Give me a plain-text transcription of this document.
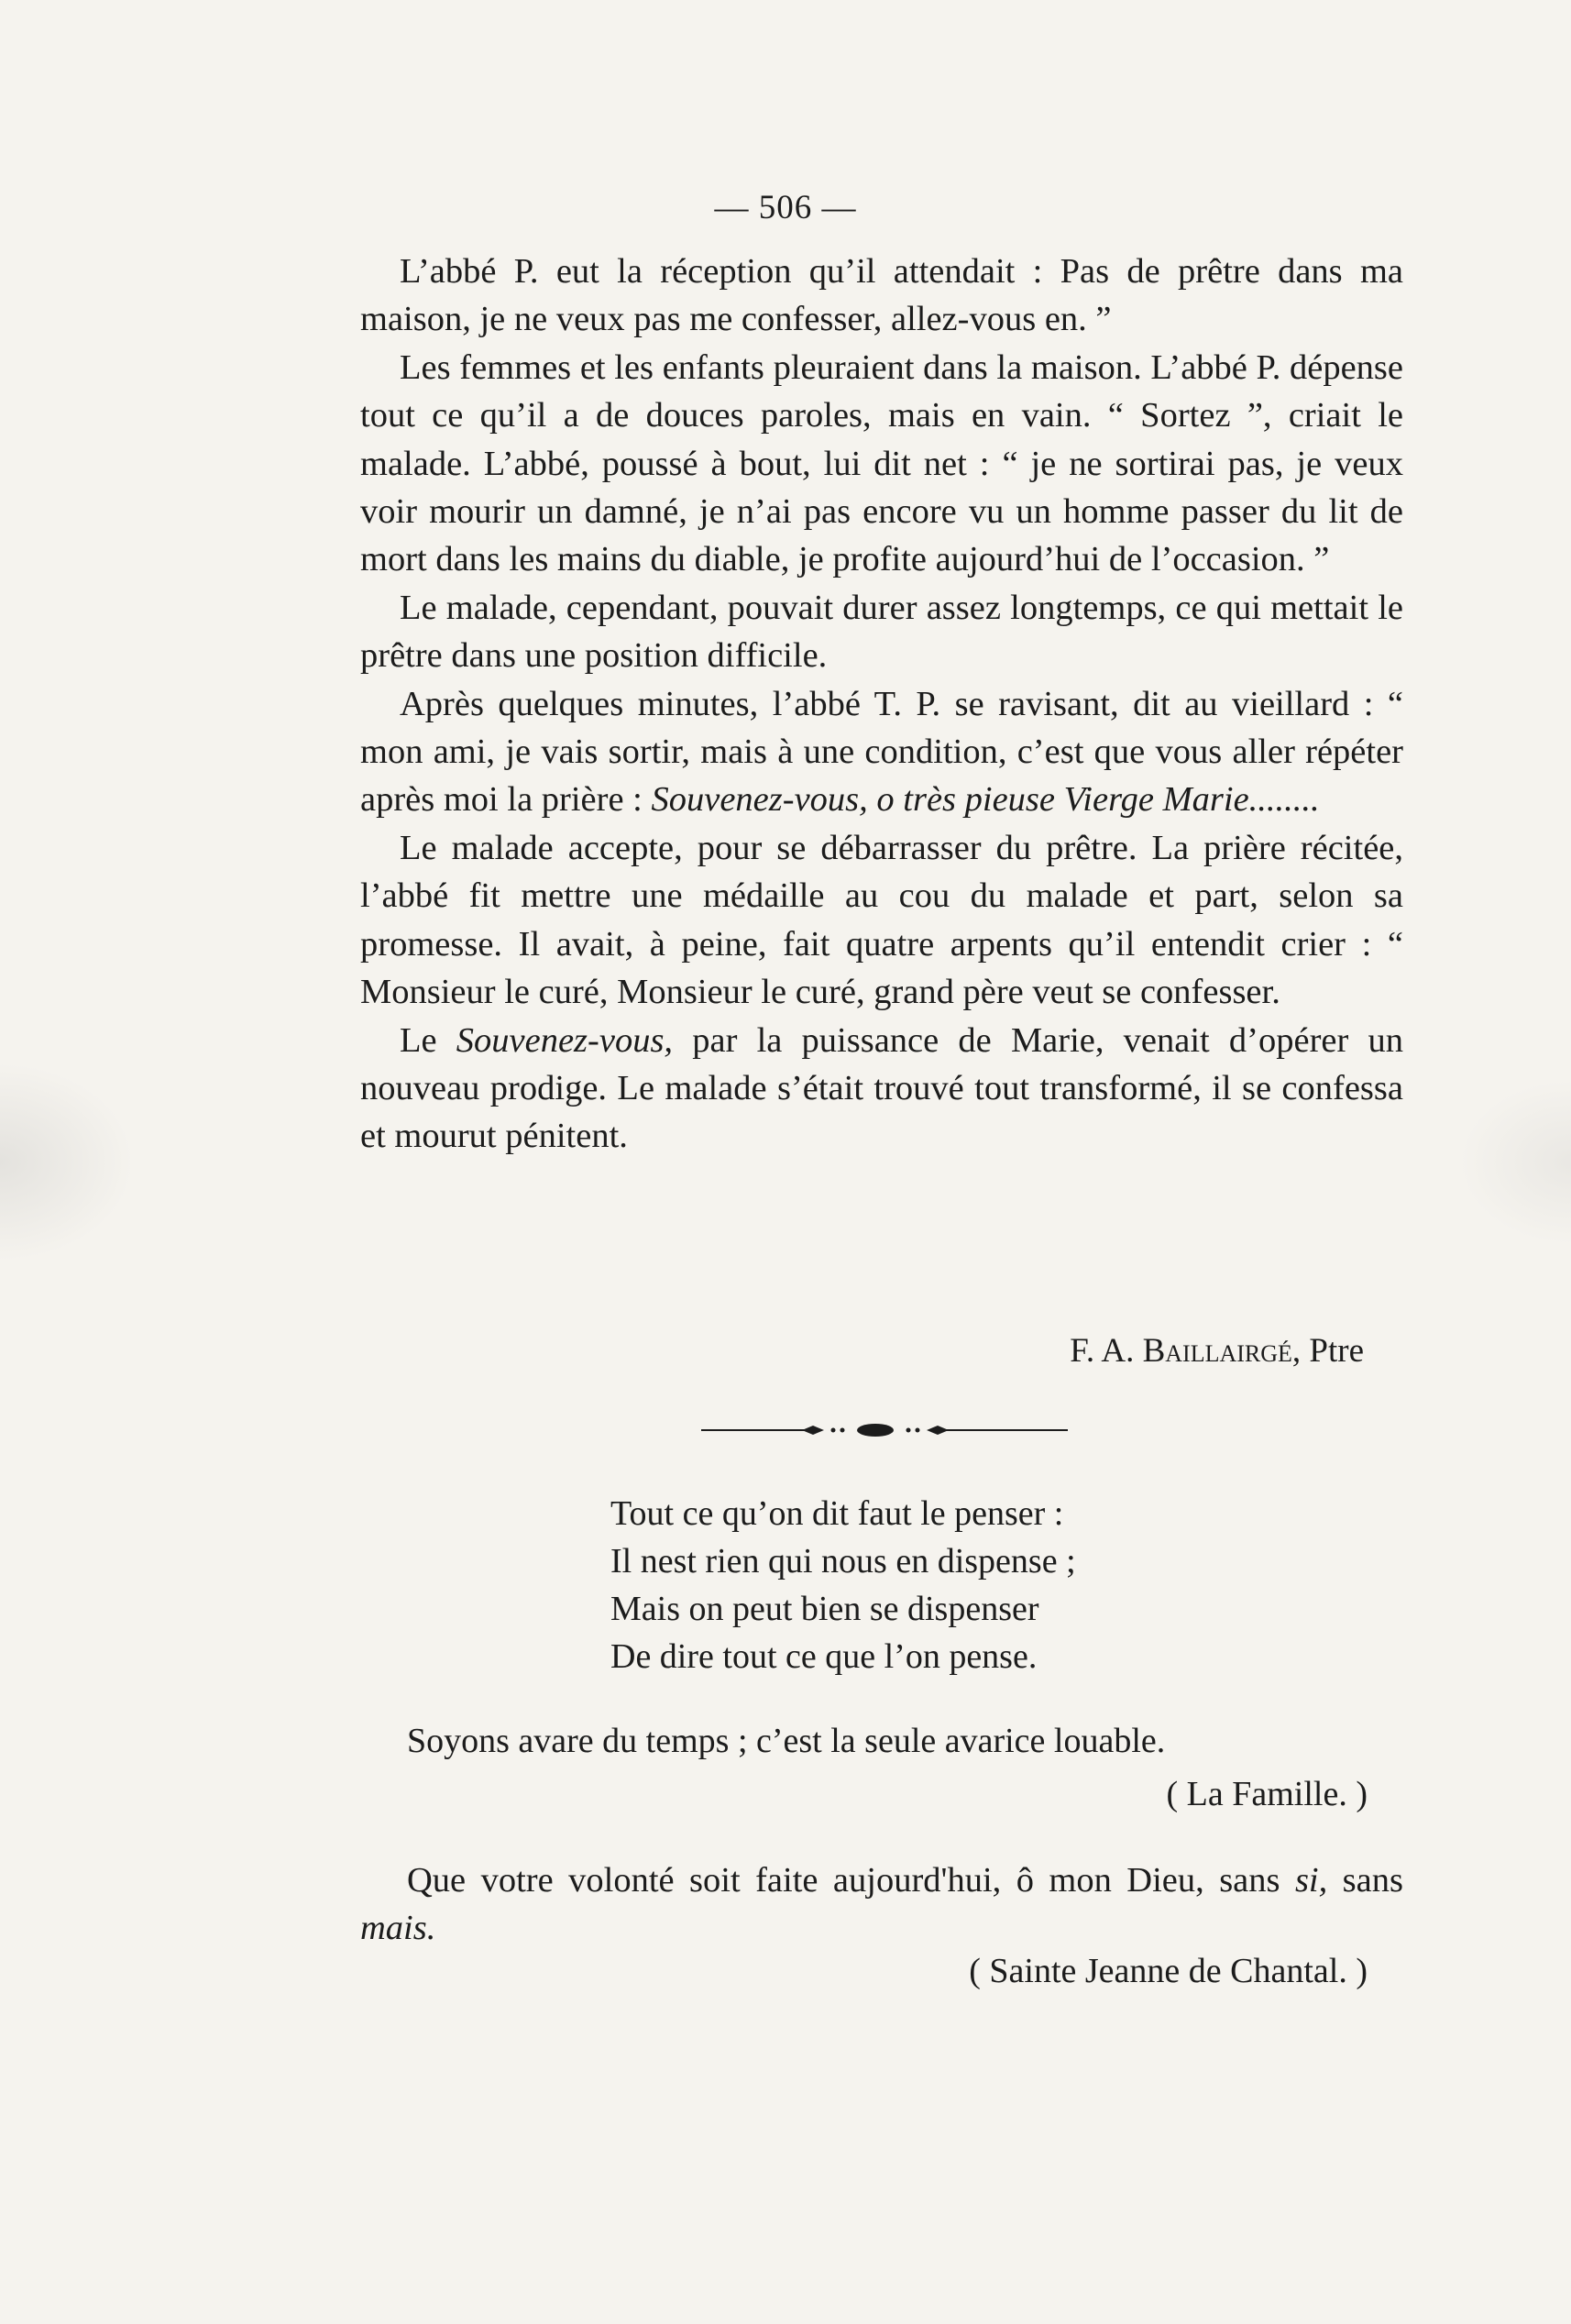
— 506 —

L’abbé P. eut la réception qu’il attendait : Pas de prêtre dans ma maison, je ne veux pas me confesser, allez-vous en. ”

Les femmes et les enfants pleuraient dans la maison. L’abbé P. dépense tout ce qu’il a de douces paroles, mais en vain. “ Sortez ”, criait le malade. L’abbé, poussé à bout, lui dit net : “ je ne sortirai pas, je veux voir mourir un damné, je n’ai pas encore vu un homme passer du lit de mort dans les mains du diable, je profite aujourd’hui de l’occasion. ”

Le malade, cependant, pouvait durer assez longtemps, ce qui mettait le prêtre dans une position difficile.

Après quelques minutes, l’abbé T. P. se ravisant, dit au vieillard : “ mon ami, je vais sortir, mais à une condition, c’est que vous aller répéter après moi la prière : Souvenez-vous, o très pieuse Vierge Marie........

Le malade accepte, pour se débarrasser du prêtre. La prière récitée, l’abbé fit mettre une médaille au cou du malade et part, selon sa promesse. Il avait, à peine, fait quatre arpents qu’il entendit crier : “ Monsieur le curé, Monsieur le curé, grand père veut se confesser.

Le Souvenez-vous, par la puissance de Marie, venait d’opérer un nouveau prodige. Le malade s’était trouvé tout transformé, il se confessa et mourut pénitent.

F. A. Baillairgé, Ptre
Tout ce qu’on dit faut le penser :
Il nest rien qui nous en dispense ;
Mais on peut bien se dispenser
De dire tout ce que l’on pense.
Soyons avare du temps ; c’est la seule avarice louable.
( La Famille. )

Que votre volonté soit faite aujourd'hui, ô mon Dieu, sans si, sans mais.

( Sainte Jeanne de Chantal. )
